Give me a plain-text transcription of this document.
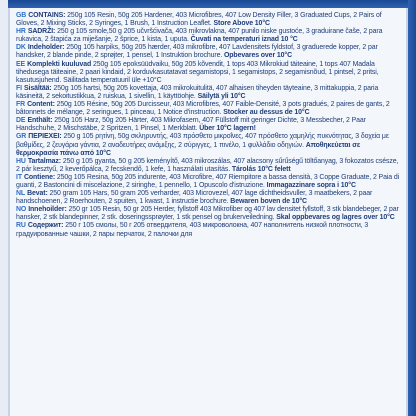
GB CONTAINS: 250g 105 Resin, 50g 205 Hardener, 403 Microfibres, 407 Low Density Filler, 3 Graduated Cups, 2 Pairs of Gloves, 2 Mixing Sticks, 2 Syringes, 1 Brush, 1 Instruction Leaflet. Store Above 10°C

HR SADRŽI: 250 g 105 smole,50 g 205 učvršćivača, 403 mikrovlakna, 407 punilo niske gustoće, 3 graduirane čaše, 2 para rukavica, 2 štapića za miješanje, 2 šprice, 1 kista, 1 uputa. Čuvati na temperaturi iznad 10 °C

DK Indeholder: 250g 105 harpiks, 50g 205 hærder, 403 mikrofibre, 407 Lavdensitets fyldstof, 3 graduerede kopper, 2 par handsker, 2 blande pinde, 2 sprøjter, 1 pensel, 1 Instruktion brochure. Opbevares over 10°C

EE Komplekti kuuluvad 250g 105 epoksüüdvaiku, 50g 205 kõvendit, 1 tops 403 Mikrokiud täiteaine, 1 tops 407 Madala tihedusega täiteaine, 2 paari kindaid, 2 korduvkasutatavat segamistopsi, 1 segamistops, 2 segamisnõud, 1 pintsel, 2 pritsi, kasutusjuhend. Säilitada temperatuuril üle +10°C

FI Sisältää: 250g 105 hartsi, 50g 205 kovettaja, 403 mikrokuitulitä, 407 alhaisen tiheyden täyteaine, 3 mittakuppia, 2 paria käsineitä, 2 sekoitustikkua, 2 ruiskua, 1 sivellin, 1 käyttöohje. Säilytä yli 10°C

FR Content: 250g 105 Résine, 50g 205 Durcisseur, 403 Microfibres, 407 Faible-Densité, 3 pots gradués, 2 paires de gants, 2 bâtonnets de mélange, 2 seringues, 1 pinceau, 1 Notice d'instruction. Stocker au dessus de 10°C

DE Enthält: 250g 105 Harz, 50g 205 Härter, 403 Mikrofasern, 407 Füllstoff mit geringer Dichte, 3 Messbecher, 2 Paar Handschuhe, 2 Mischstäbe, 2 Spritzen, 1 Pinsel, 1 Merkblatt. Über 10°C lagern!

GR ΠΕΡΙΕΧΕΙ: 250 g 105 ρητίνη, 50g σκληρυντής, 403 πρόσθετο μικροΐνες, 407 πρόσθετο χαμηλής πυκνότητας, 3 δοχεία με βαθμίδες, 2 ζευγάρια γάντια, 2 αναδευτήρες ανάμιξης, 2 σύριγγες, 1 πινέλο, 1 φυλλάδιο οδηγιών. Αποθηκεύεται σε θερμοκρασία πάνω από 10°C

HU Tartalmaz: 250 g 105 gyanta, 50 g 205 keményítő, 403 mikroszálas, 407 alacsony sűrűségű töltőanyag, 3 fokozatos csésze, 2 pár kesztyű, 2 keverőpálca, 2 fecskendő, 1 kefe, 1 használati utasítás. Tárolás 10°C felett

IT Contiene: 250g 105 Resina, 50g 205 indurente, 403 Microfibre, 407 Riempitore a bassa densità, 3 Coppe Graduate, 2 Paia di guanti, 2 Bastoncini di miscelazione, 2 siringhe, 1 pennello, 1 Opuscolo d'istruzione. Immagazzinare sopra i 10°C

NL Bevat: 250 gram 105 Hars, 50 gram 205 verharder, 403 Microvezel, 407 lage dichtheidsvuller, 3 maatbekers, 2 paar handschoenen, 2 Roerhouten, 2 spuiten, 1 kwast, 1 instructie brochure. Bewaren boven de 10°C

NO Innehoilder: 250 gr 105 Resin, 50 gr 205 Herder, fyllstoff 403 Mikrofiber og 407 lav densitet fyllstoff, 3 stk blandebeger, 2 par hansker, 2 stk blandepinner, 2 stk. doseringssprøyter, 1 stk pensel og brukerveiledning. Skal oppbevares og lagres over 10°C

RU Содержит: 250 г 105 смолы, 50 г 205 отвердителя, 403 микроволокна, 407 наполнитель низкой плотности, 3 градуированные чашки, 2 пары перчаток, 2 палочки для
